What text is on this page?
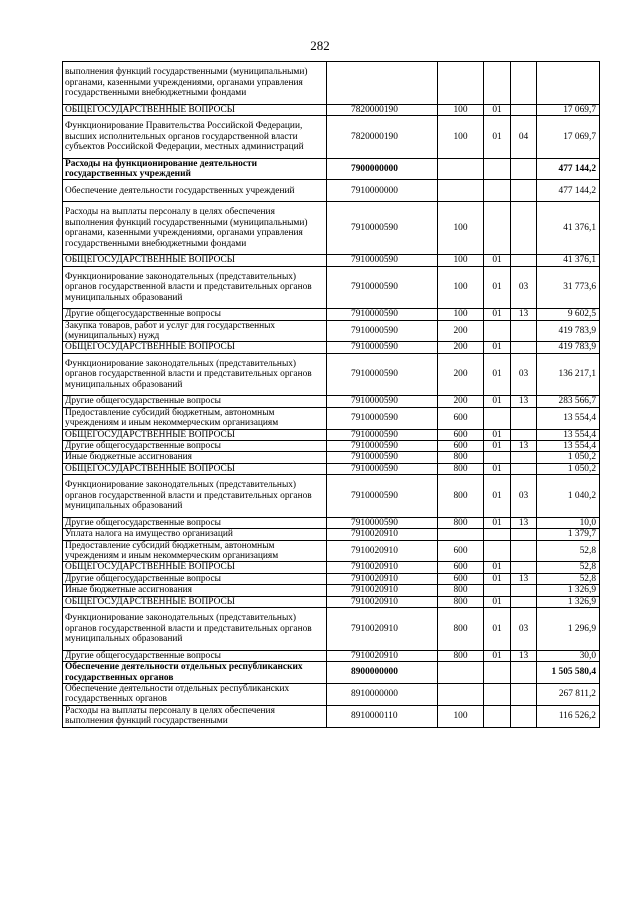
282
выполнения функций государственными (муниципальными) органами, казенными учреждениями, органами управления государственными внебюджетными фондами					
ОБЩЕГОСУДАРСТВЕННЫЕ ВОПРОСЫ	7820000190	100	01		17 069,7
Функционирование Правительства Российской Федерации, высших исполнительных органов государственной власти субъектов Российской Федерации, местных администраций	7820000190	100	01	04	17 069,7
Расходы на функционирование деятельности государственных учреждений	7900000000				477 144,2
Обеспечение деятельности государственных учреждений	7910000000				477 144,2
Расходы на выплаты персоналу в целях обеспечения выполнения функций государственными (муниципальными) органами, казенными учреждениями, органами управления государственными внебюджетными фондами	7910000590	100			41 376,1
ОБЩЕГОСУДАРСТВЕННЫЕ ВОПРОСЫ	7910000590	100	01		41 376,1
Функционирование законодательных (представительных) органов государственной власти и представительных органов муниципальных образований	7910000590	100	01	03	31 773,6
Другие общегосударственные вопросы	7910000590	100	01	13	9 602,5
Закупка товаров, работ и услуг для государственных (муниципальных) нужд	7910000590	200			419 783,9
ОБЩЕГОСУДАРСТВЕННЫЕ ВОПРОСЫ	7910000590	200	01		419 783,9
Функционирование законодательных (представительных) органов государственной власти и представительных органов муниципальных образований	7910000590	200	01	03	136 217,1
Другие общегосударственные вопросы	7910000590	200	01	13	283 566,7
Предоставление субсидий бюджетным, автономным учреждениям и иным некоммерческим организациям	7910000590	600			13 554,4
ОБЩЕГОСУДАРСТВЕННЫЕ ВОПРОСЫ	7910000590	600	01		13 554,4
Другие общегосударственные вопросы	7910000590	600	01	13	13 554,4
Иные бюджетные ассигнования	7910000590	800			1 050,2
ОБЩЕГОСУДАРСТВЕННЫЕ ВОПРОСЫ	7910000590	800	01		1 050,2
Функционирование законодательных (представительных) органов государственной власти и представительных органов муниципальных образований	7910000590	800	01	03	1 040,2
Другие общегосударственные вопросы	7910000590	800	01	13	10,0
Уплата налога на имущество организаций	7910020910				1 379,7
Предоставление субсидий бюджетным, автономным учреждениям и иным некоммерческим организациям	7910020910	600			52,8
ОБЩЕГОСУДАРСТВЕННЫЕ ВОПРОСЫ	7910020910	600	01		52,8
Другие общегосударственные вопросы	7910020910	600	01	13	52,8
Иные бюджетные ассигнования	7910020910	800			1 326,9
ОБЩЕГОСУДАРСТВЕННЫЕ ВОПРОСЫ	7910020910	800	01		1 326,9
Функционирование законодательных (представительных) органов государственной власти и представительных органов муниципальных образований	7910020910	800	01	03	1 296,9
Другие общегосударственные вопросы	7910020910	800	01	13	30,0
Обеспечение деятельности отдельных республиканских государственных органов	8900000000				1 505 580,4
Обеспечение деятельности отдельных республиканских государственных органов	8910000000				267 811,2
Расходы на выплаты персоналу в целях обеспечения выполнения функций государственными	8910000110	100			116 526,2
